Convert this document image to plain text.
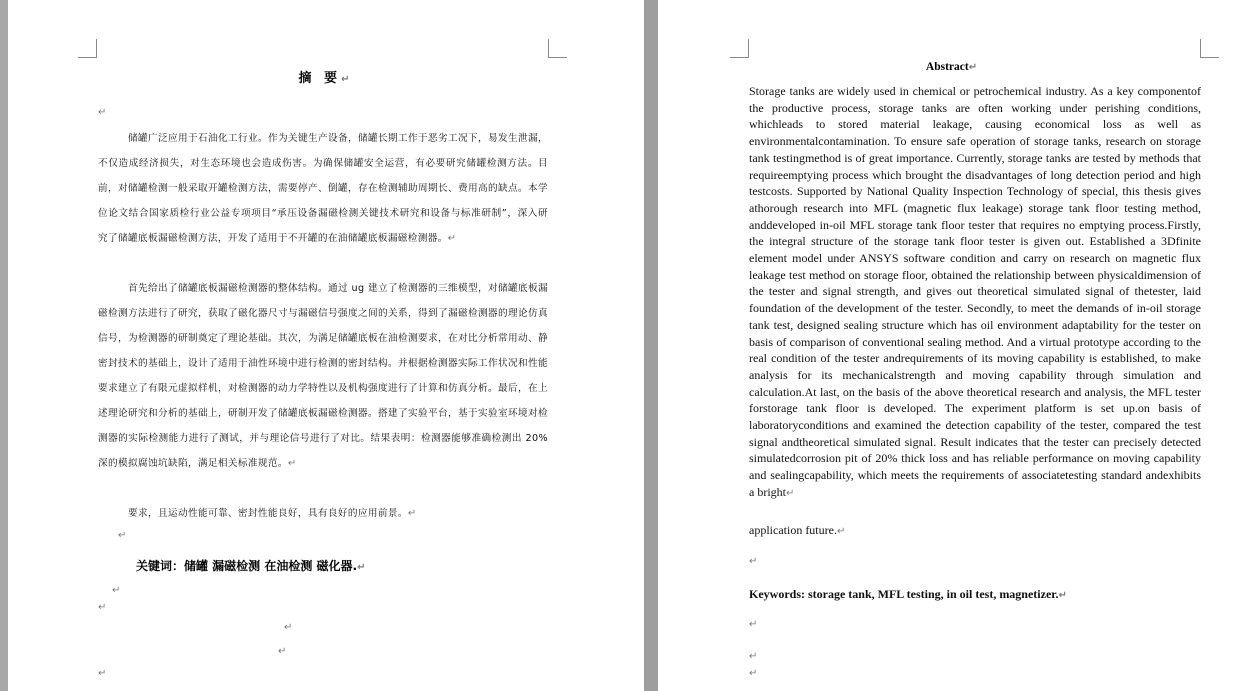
摘 要↵
↵
储罐广泛应用于石油化工行业。作为关键生产设备，储罐长期工作于恶劣工况下，易发生泄漏，不仅造成经济损失，对生态环境也会造成伤害。为确保储罐安全运营，有必要研究储罐检测方法。目前，对储罐检测一般采取开罐检测方法，需要停产、倒罐，存在检测辅助周期长、费用高的缺点。本学位论文结合国家质检行业公益专项项目“承压设备漏磁检测关键技术研究和设备与标准研制”，深入研究了储罐底板漏磁检测方法，开发了适用于不开罐的在油储罐底板漏磁检测器。↵
首先给出了储罐底板漏磁检测器的整体结构。通过 ug 建立了检测器的三维模型，对储罐底板漏磁检测方法进行了研究，获取了磁化器尺寸与漏磁信号强度之间的关系，得到了漏磁检测器的理论仿真信号，为检测器的研制奠定了理论基础。其次，为满足储罐底板在油检测要求，在对比分析常用动、静密封技术的基础上，设计了适用于油性环境中进行检测的密封结构。并根据检测器实际工作状况和性能要求建立了有限元虚拟样机，对检测器的动力学特性以及机构强度进行了计算和仿真分析。最后，在上述理论研究和分析的基础上，研制开发了储罐底板漏磁检测器。搭建了实验平台，基于实验室环境对检测器的实际检测能力进行了测试，并与理论信号进行了对比。结果表明：检测器能够准确检测出 20%深的模拟腐蚀坑缺陷，满足相关标准规范。↵
要求，且运动性能可靠、密封性能良好，具有良好的应用前景。↵
↵
关键词：储罐 漏磁检测 在油检测 磁化器.↵
↵
↵
↵
↵
↵
Abstract↵
Storage tanks are widely used in chemical or petrochemical industry. As a key componentof the productive process, storage tanks are often working under perishing conditions, whichleads to stored material leakage, causing economical loss as well as environmentalcontamination. To ensure safe operation of storage tanks, research on storage tank testingmethod is of great importance. Currently, storage tanks are tested by methods that requireemptying process which brought the disadvantages of long detection period and high testcosts. Supported by National Quality Inspection Technology of special, this thesis gives athorough research into MFL (magnetic flux leakage) storage tank floor testing method, anddeveloped in-oil MFL storage tank floor tester that requires no emptying process.Firstly, the integral structure of the storage tank floor tester is given out. Established a 3Dfinite element model under ANSYS software condition and carry on research on magnetic flux leakage test method on storage floor, obtained the relationship between physicaldimension of the tester and signal strength, and gives out theoretical simulated signal of thetester, laid foundation of the development of the tester. Secondly, to meet the demands of in-oil storage tank test, designed sealing structure which has oil environment adaptability for the tester on basis of comparison of conventional sealing method. And a virtual prototype according to the real condition of the tester andrequirements of its moving capability is established, to make analysis for its mechanicalstrength and moving capability through simulation and calculation.At last, on the basis of the above theoretical research and analysis, the MFL tester forstorage tank floor is developed. The experiment platform is set up.on basis of laboratoryconditions and examined the detection capability of the tester, compared the test signal andtheoretical simulated signal. Result indicates that the tester can precisely detected simulatedcorrosion pit of 20% thick loss and has reliable performance on moving capability and sealingcapability, which meets the requirements of associatetesting standard andexhibits a bright↵
application future.↵
↵
Keywords: storage tank, MFL testing, in oil test, magnetizer.↵
↵
↵
↵
